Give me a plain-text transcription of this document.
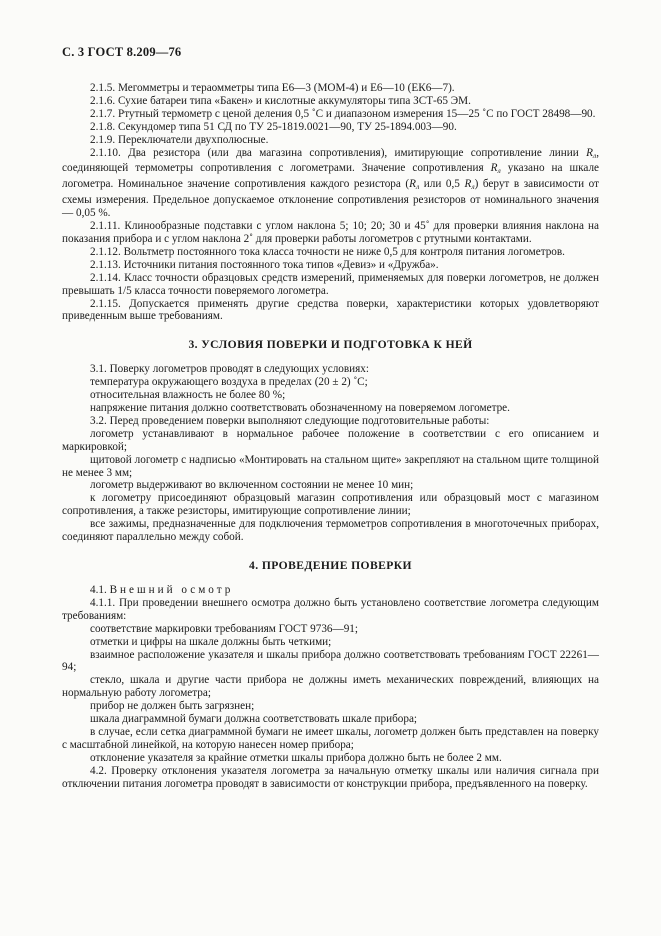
С. 3 ГОСТ 8.209—76

2.1.5. Мегомметры и тераомметры типа Е6—3 (МОМ-4) и Е6—10 (ЕК6—7).

2.1.6. Сухие батареи типа «Бакен» и кислотные аккумуляторы типа ЗСТ-65 ЭМ.

2.1.7. Ртутный термометр с ценой деления 0,5 ˚С и диапазоном измерения 15—25 ˚С по ГОСТ 28498—90.

2.1.8. Секундомер типа 51 СД по ТУ 25-1819.0021—90, ТУ 25-1894.003—90.

2.1.9. Переключатели двухполюсные.

2.1.10. Два резистора (или два магазина сопротивления), имитирующие сопротивление линии $R_л$, соединяющей термометры сопротивления с логометрами. Значение сопротивления $R_л$ указано на шкале логометра. Номинальное значение сопротивления каждого резистора ($R_л$ или 0,5 $R_л$) берут в зависимости от схемы измерения. Предельное допускаемое отклонение сопротивления резисторов от номинального значения — 0,05 %.

2.1.11. Клинообразные подставки с углом наклона 5; 10; 20; 30 и 45˚ для проверки влияния наклона на показания прибора и с углом наклона 2˚ для проверки работы логометров с ртутными контактами.

2.1.12. Вольтметр постоянного тока класса точности не ниже 0,5 для контроля питания логометров.

2.1.13. Источники питания постоянного тока типов «Девиз» и «Дружба».

2.1.14. Класс точности образцовых средств измерений, применяемых для поверки логометров, не должен превышать 1/5 класса точности поверяемого логометра.

2.1.15. Допускается применять другие средства поверки, характеристики которых удовлетворяют приведенным выше требованиям.

3. УСЛОВИЯ ПОВЕРКИ И ПОДГОТОВКА К НЕЙ

3.1. Поверку логометров проводят в следующих условиях:

температура окружающего воздуха в пределах (20 ± 2) ˚С;

относительная влажность не более 80 %;

напряжение питания должно соответствовать обозначенному на поверяемом логометре.

3.2. Перед проведением поверки выполняют следующие подготовительные работы:

логометр устанавливают в нормальное рабочее положение в соответствии с его описанием и маркировкой;

щитовой логометр с надписью «Монтировать на стальном щите» закрепляют на стальном щите толщиной не менее 3 мм;

логометр выдерживают во включенном состоянии не менее 10 мин;

к логометру присоединяют образцовый магазин сопротивления или образцовый мост с магазином сопротивления, а также резисторы, имитирующие сопротивление линии;

все зажимы, предназначенные для подключения термометров сопротивления в многоточечных приборах, соединяют параллельно между собой.

4. ПРОВЕДЕНИЕ ПОВЕРКИ

4.1. Внешний осмотр

4.1.1. При проведении внешнего осмотра должно быть установлено соответствие логометра следующим требованиям:

соответствие маркировки требованиям ГОСТ 9736—91;

отметки и цифры на шкале должны быть четкими;

взаимное расположение указателя и шкалы прибора должно соответствовать требованиям ГОСТ 22261—94;

стекло, шкала и другие части прибора не должны иметь механических повреждений, влияющих на нормальную работу логометра;

прибор не должен быть загрязнен;

шкала диаграммной бумаги должна соответствовать шкале прибора;

в случае, если сетка диаграммной бумаги не имеет шкалы, логометр должен быть представлен на поверку с масштабной линейкой, на которую нанесен номер прибора;

отклонение указателя за крайние отметки шкалы прибора должно быть не более 2 мм.

4.2. Проверку отклонения указателя логометра за начальную отметку шкалы или наличия сигнала при отключении питания логометра проводят в зависимости от конструкции прибора, предъявленного на поверку.
